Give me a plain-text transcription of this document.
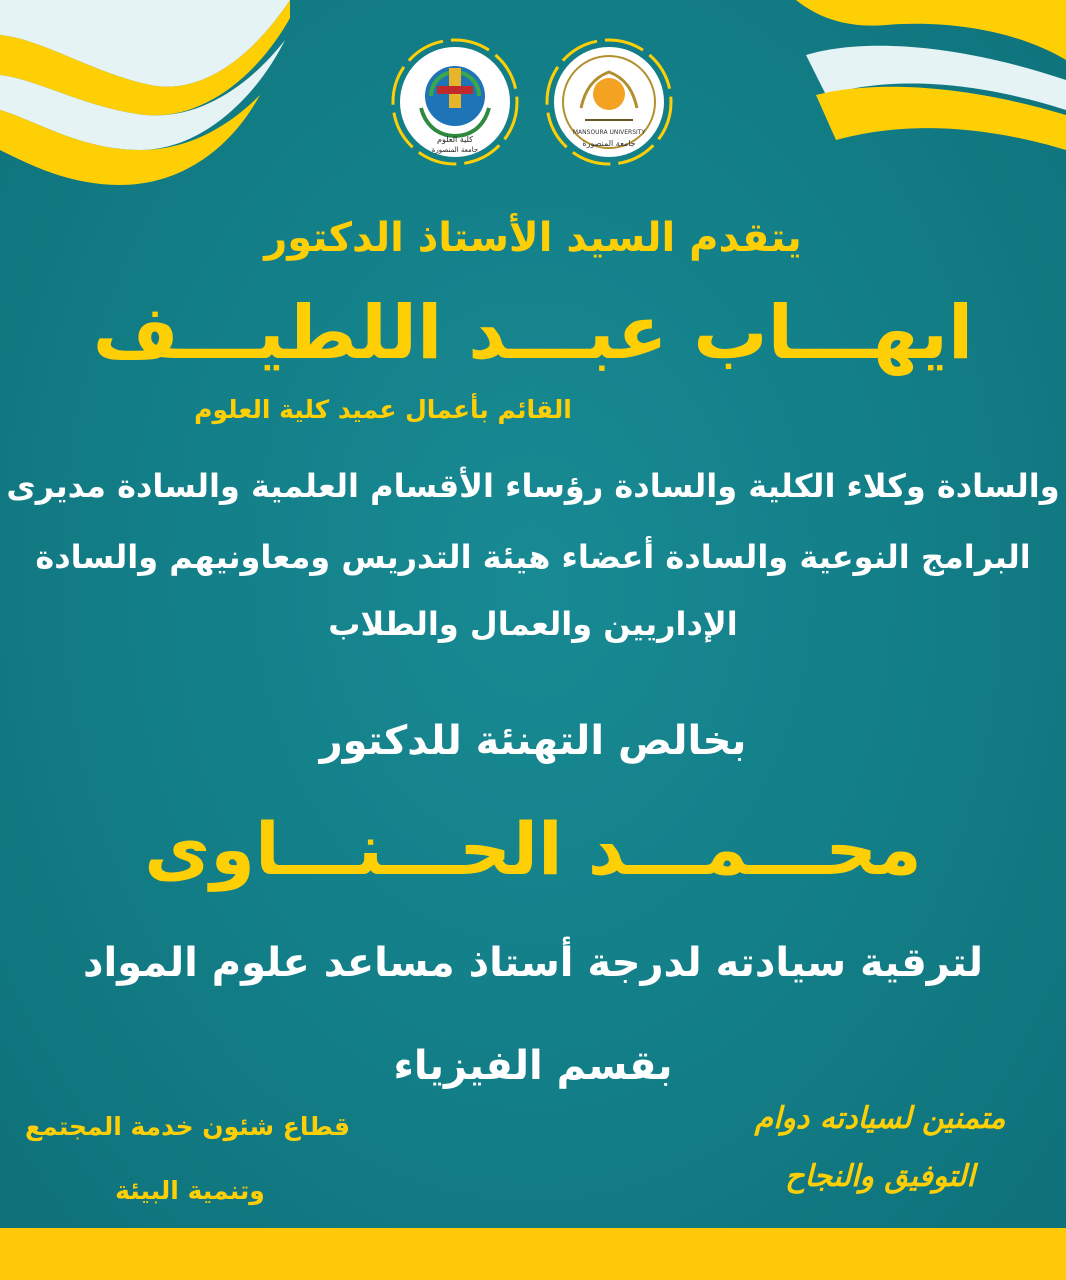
كلية العلوم
جامعة المنصورة
MANSOURA UNIVERSITY
جامعة المنصورة
يتقدم السيد الأستاذ الدكتور
ايهـــاب عبـــد اللطيـــف
القائم بأعمال عميد كلية العلوم
والسادة وكلاء الكلية والسادة رؤساء الأقسام العلمية والسادة مديرى
البرامج النوعية والسادة أعضاء هيئة التدريس ومعاونيهم والسادة
الإداريين والعمال والطلاب
بخالص التهنئة للدكتور
محـــمـــد الحـــنـــاوى
لترقية سيادته لدرجة أستاذ مساعد علوم المواد
بقسم الفيزياء
قطاع شئون خدمة المجتمع
وتنمية البيئة
متمنين لسيادته دوام
التوفيق والنجاح
